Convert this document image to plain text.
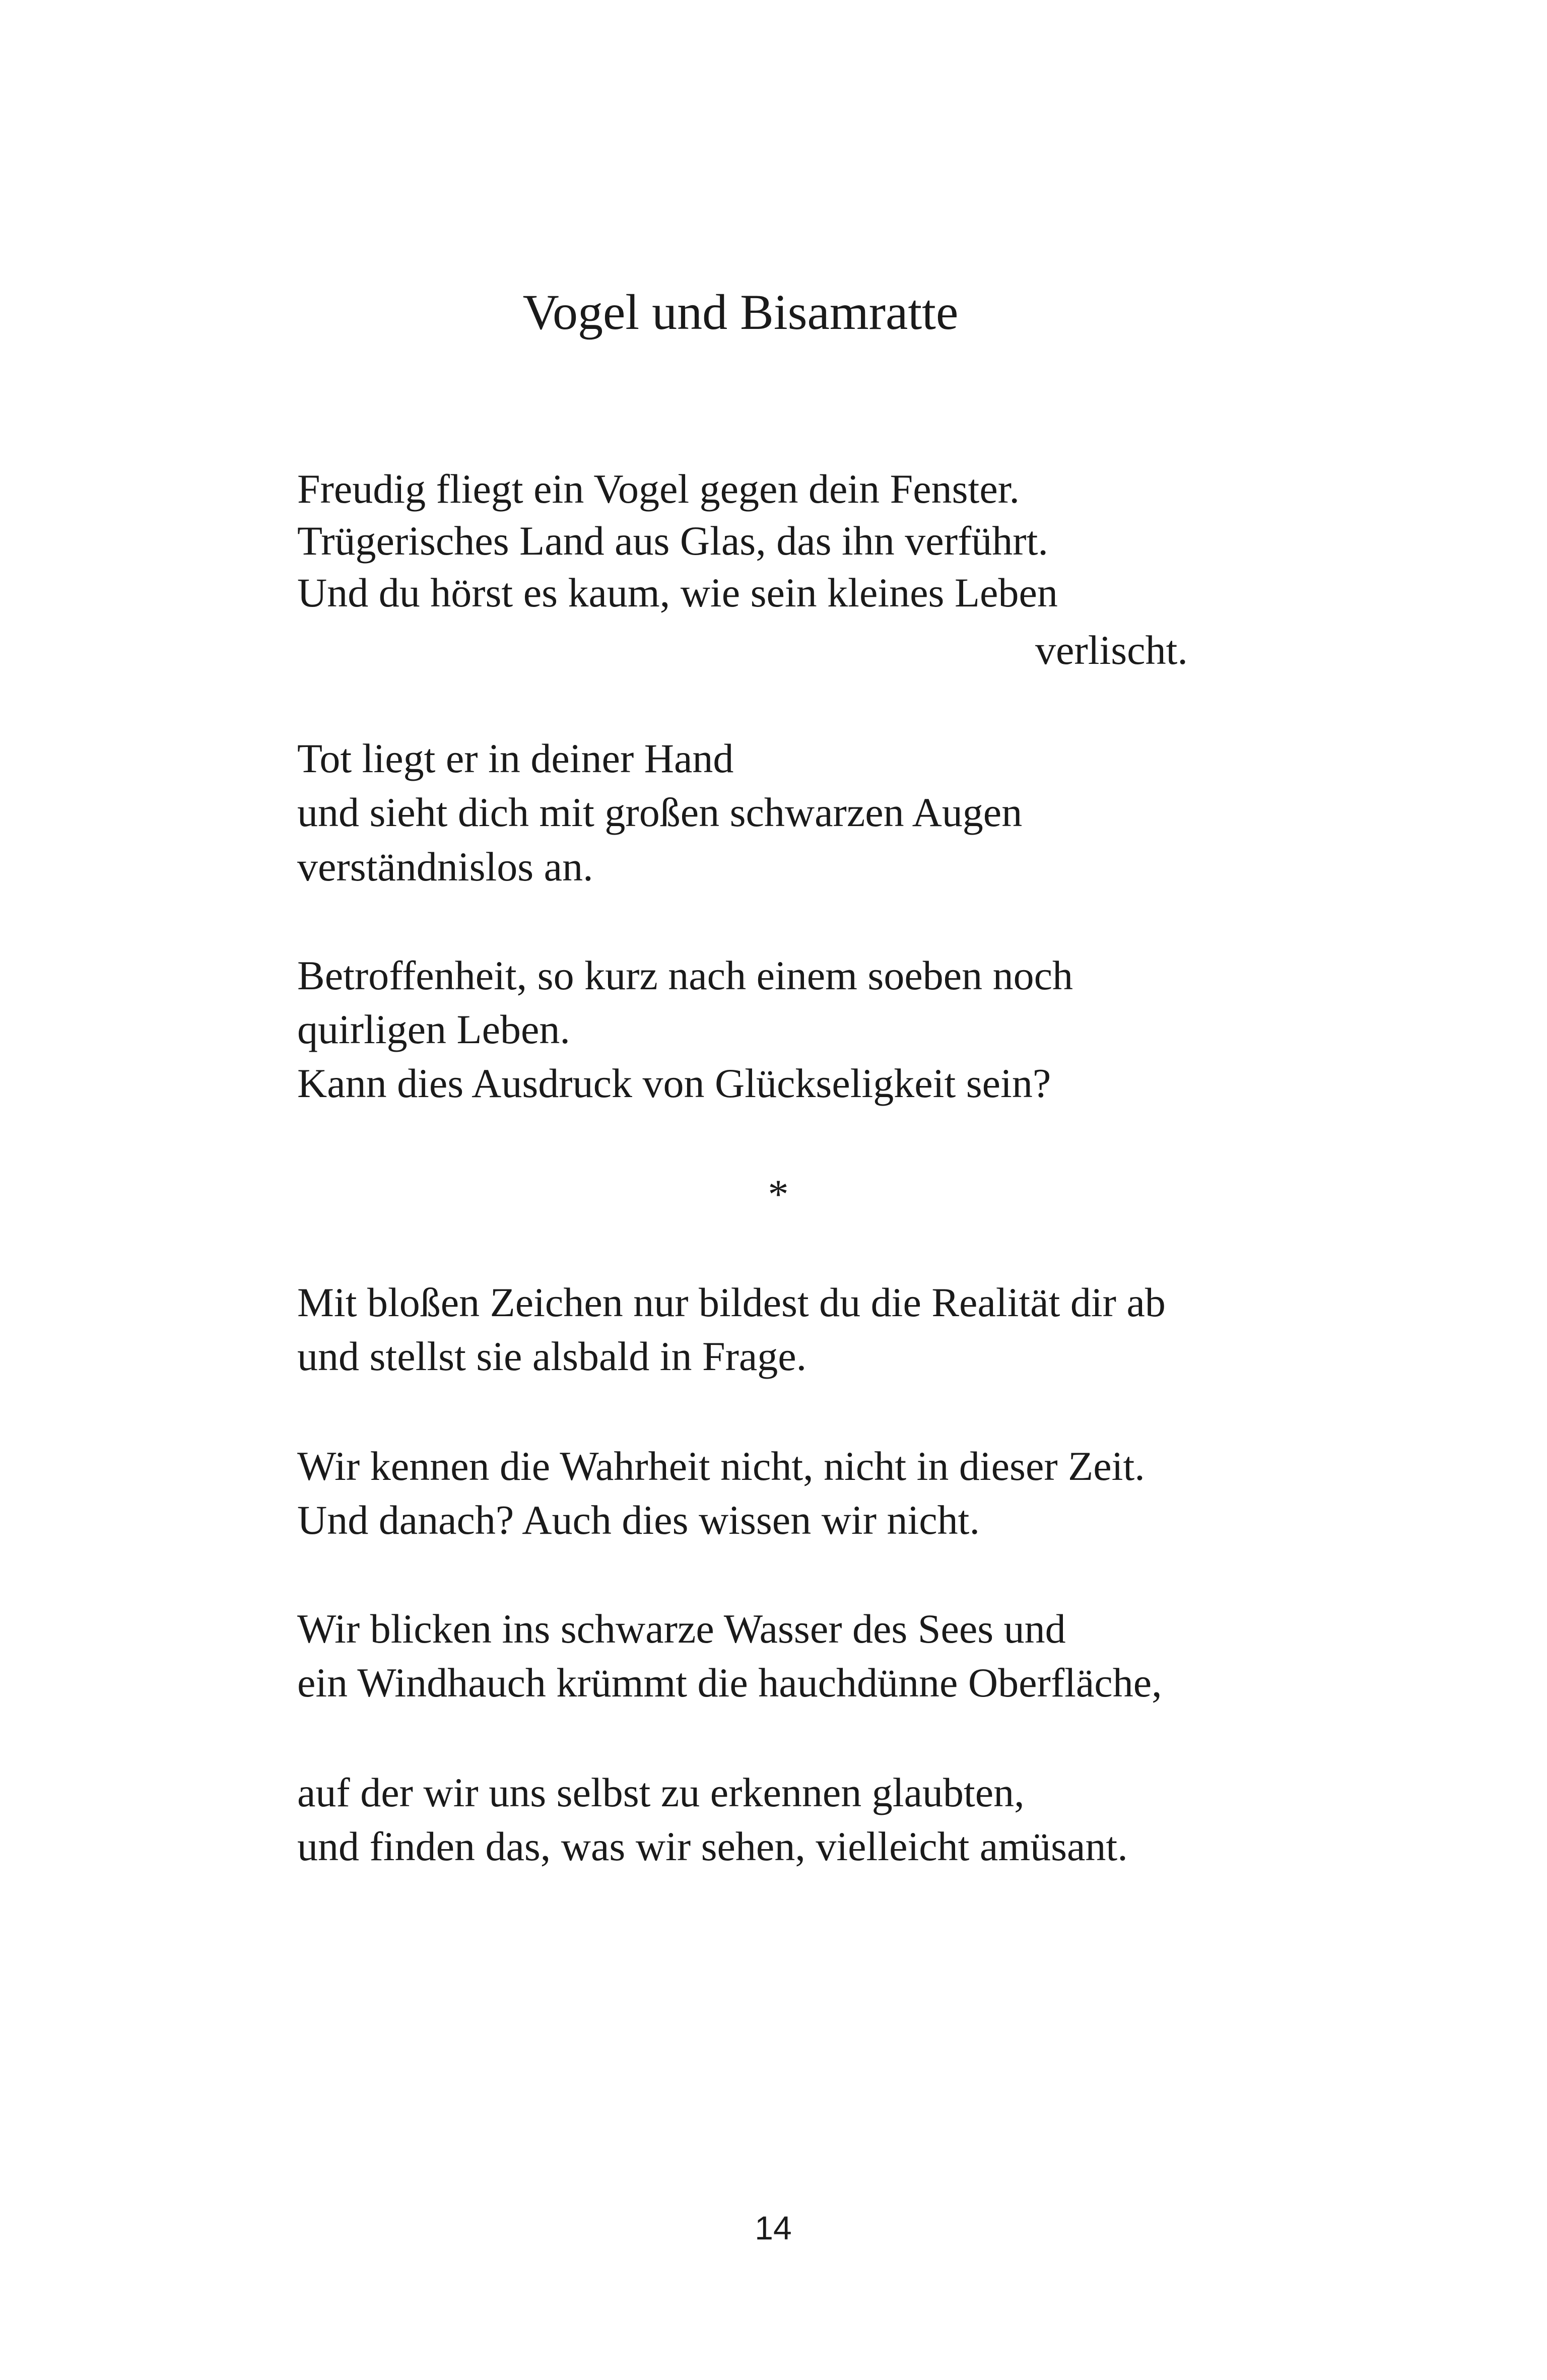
Vogel und Bisamratte
Freudig fliegt ein Vogel gegen dein Fenster.
Trügerisches Land aus Glas, das ihn verführt.
Und du hörst es kaum, wie sein kleines Leben
verlischt.
Tot liegt er in deiner Hand
und sieht dich mit großen schwarzen Augen
verständnislos an.
Betroffenheit, so kurz nach einem soeben noch
quirligen Leben.
Kann dies Ausdruck von Glückseligkeit sein?
*
Mit bloßen Zeichen nur bildest du die Realität dir ab
und stellst sie alsbald in Frage.
Wir kennen die Wahrheit nicht, nicht in dieser Zeit.
Und danach? Auch dies wissen wir nicht.
Wir blicken ins schwarze Wasser des Sees und
ein Windhauch krümmt die hauchdünne Oberfläche,
auf der wir uns selbst zu erkennen glaubten,
und finden das, was wir sehen, vielleicht amüsant.
14
